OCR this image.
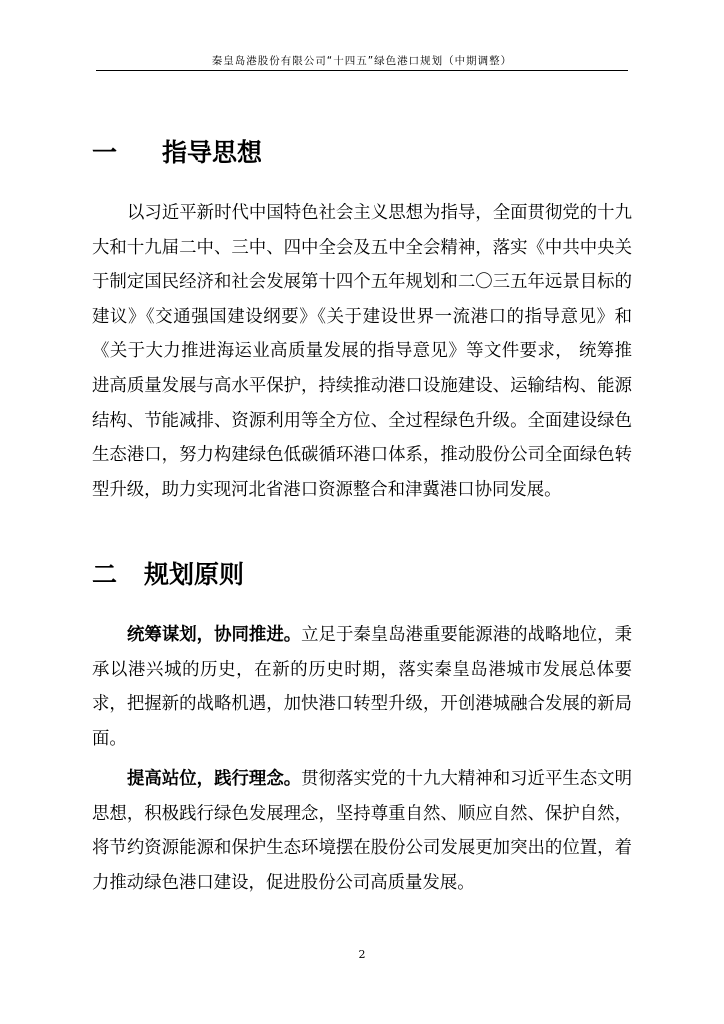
秦皇岛港股份有限公司“十四五”绿色港口规划（中期调整）
一 指导思想

以习近平新时代中国特色社会主义思想为指导，全面贯彻党的十九大和十九届二中、三中、四中全会及五中全会精神，落实《中共中央关于制定国民经济和社会发展第十四个五年规划和二〇三五年远景目标的建议》《交通强国建设纲要》《关于建设世界一流港口的指导意见》和《关于大力推进海运业高质量发展的指导意见》等文件要求， 统筹推进高质量发展与高水平保护，持续推动港口设施建设、运输结构、能源结构、节能减排、资源利用等全方位、全过程绿色升级。全面建设绿色生态港口，努力构建绿色低碳循环港口体系，推动股份公司全面绿色转型升级，助力实现河北省港口资源整合和津冀港口协同发展。

二 规划原则

统筹谋划，协同推进。立足于秦皇岛港重要能源港的战略地位，秉承以港兴城的历史，在新的历史时期，落实秦皇岛港城市发展总体要求，把握新的战略机遇，加快港口转型升级，开创港城融合发展的新局面。

提高站位，践行理念。贯彻落实党的十九大精神和习近平生态文明思想，积极践行绿色发展理念，坚持尊重自然、顺应自然、保护自然，将节约资源能源和保护生态环境摆在股份公司发展更加突出的位置，着力推动绿色港口建设，促进股份公司高质量发展。

2
